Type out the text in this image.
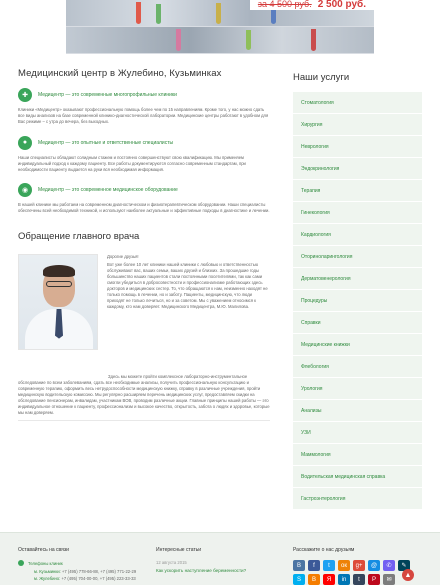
за 4 500 руб. 2 500 руб.
Медицинский центр в Жулебино, Кузьминках
✚	Медицентр — это современные многопрофильные клиники
Клиники «Медицентр» оказывают профессиональную помощь более чем по 15 направлениям. Кроме того, у нас можно сдать все виды анализов на базе современной клинико-диагностической лаборатории. Медицинские центры работают в удобном для Вас режиме – с утра до вечера, без выходных.
●	Медицентр — это опытные и ответственные специалисты
Наши специалисты обладают солидным стажем и постоянно совершенствуют свою квалификацию. Мы применяем индивидуальный подход к каждому пациенту. Все работы документируются согласно современным стандартам, при необходимости пациенту выдается на руки вся необходимая информация.
◉	Медицентр — это современное медицинское оборудование
В нашей клинике мы работаем на современном диагностическом и физиотерапевтическом оборудовании. Наши специалисты обеспечены всей необходимой техникой, и используют наиболее актуальные и эффективные подходы в диагностике и лечении.
Обращение главного врача

Дорогие друзья!

Вот уже более 10 лет клиники нашей клиники с любовью и ответственностью обслуживают вас, ваших семьи, ваших друзей и близких. За прошедшие годы большинство наших пациентов стали постоянными посетителями, так как сами смогли убедиться в добросовестности и профессионализме работающих здесь докторов и медицинских сестер. То, что обращаются к нам, неизменно находят не только помощь в лечении, но и заботу. Пациенты, медицинскую, что люди приходят не только лечиться, но и за советом. Мы с уважением относимся к каждому, кто нам доверяет. Медицинского Медицентра, М.Ю. Малилова.

Здесь мы можете пройти комплексное лабораторно-инструментальное обследование по всем заболеваниям, сдать все необходимые анализы, получить профессиональную консультацию и современную терапию, оформить весь нетрудоспособности медицинскую книжку, справку в различные учреждения, пройти медицинскую водительскую комиссию. Мы регулярно расширяем перечень медицинских услуг, предоставляем скидки на обследование пенсионерам, инвалидам, участникам ВОВ, проводим различные акции. Главные принципы нашей работы — это индивидуальное отношение к пациенту, профессионализм и высокое качество, открытость, забота о людях и здоровье, которые мы нам доверяем.
Наши услуги
Стоматология
Хирургия
Неврология
Эндокринология
Терапия
Гинекология
Кардиология
Оториноларингология
Дерматовенерология
Процедуры
Справки
Медицинские книжки
Флебология
Урология
Анализы
УЗИ
Маммология
Водительская медицинская справка
Гастроэнтерология
Оставайтесь на связи
Телефоны клиник
м. Кузьминки: +7 (495) 778-66-88, +7 (495) 771-22-29
м. Жулебино: +7 (495) 704-00-00, +7 (495) 223-33-33
Интересные статьи
12 августа 2015
Как ускорить наступление беременности?
Расскажите о нас друзьям
В	f	t	ок	g+	@	✆	✎
S	B	Я	in	t	P	✉
▲
